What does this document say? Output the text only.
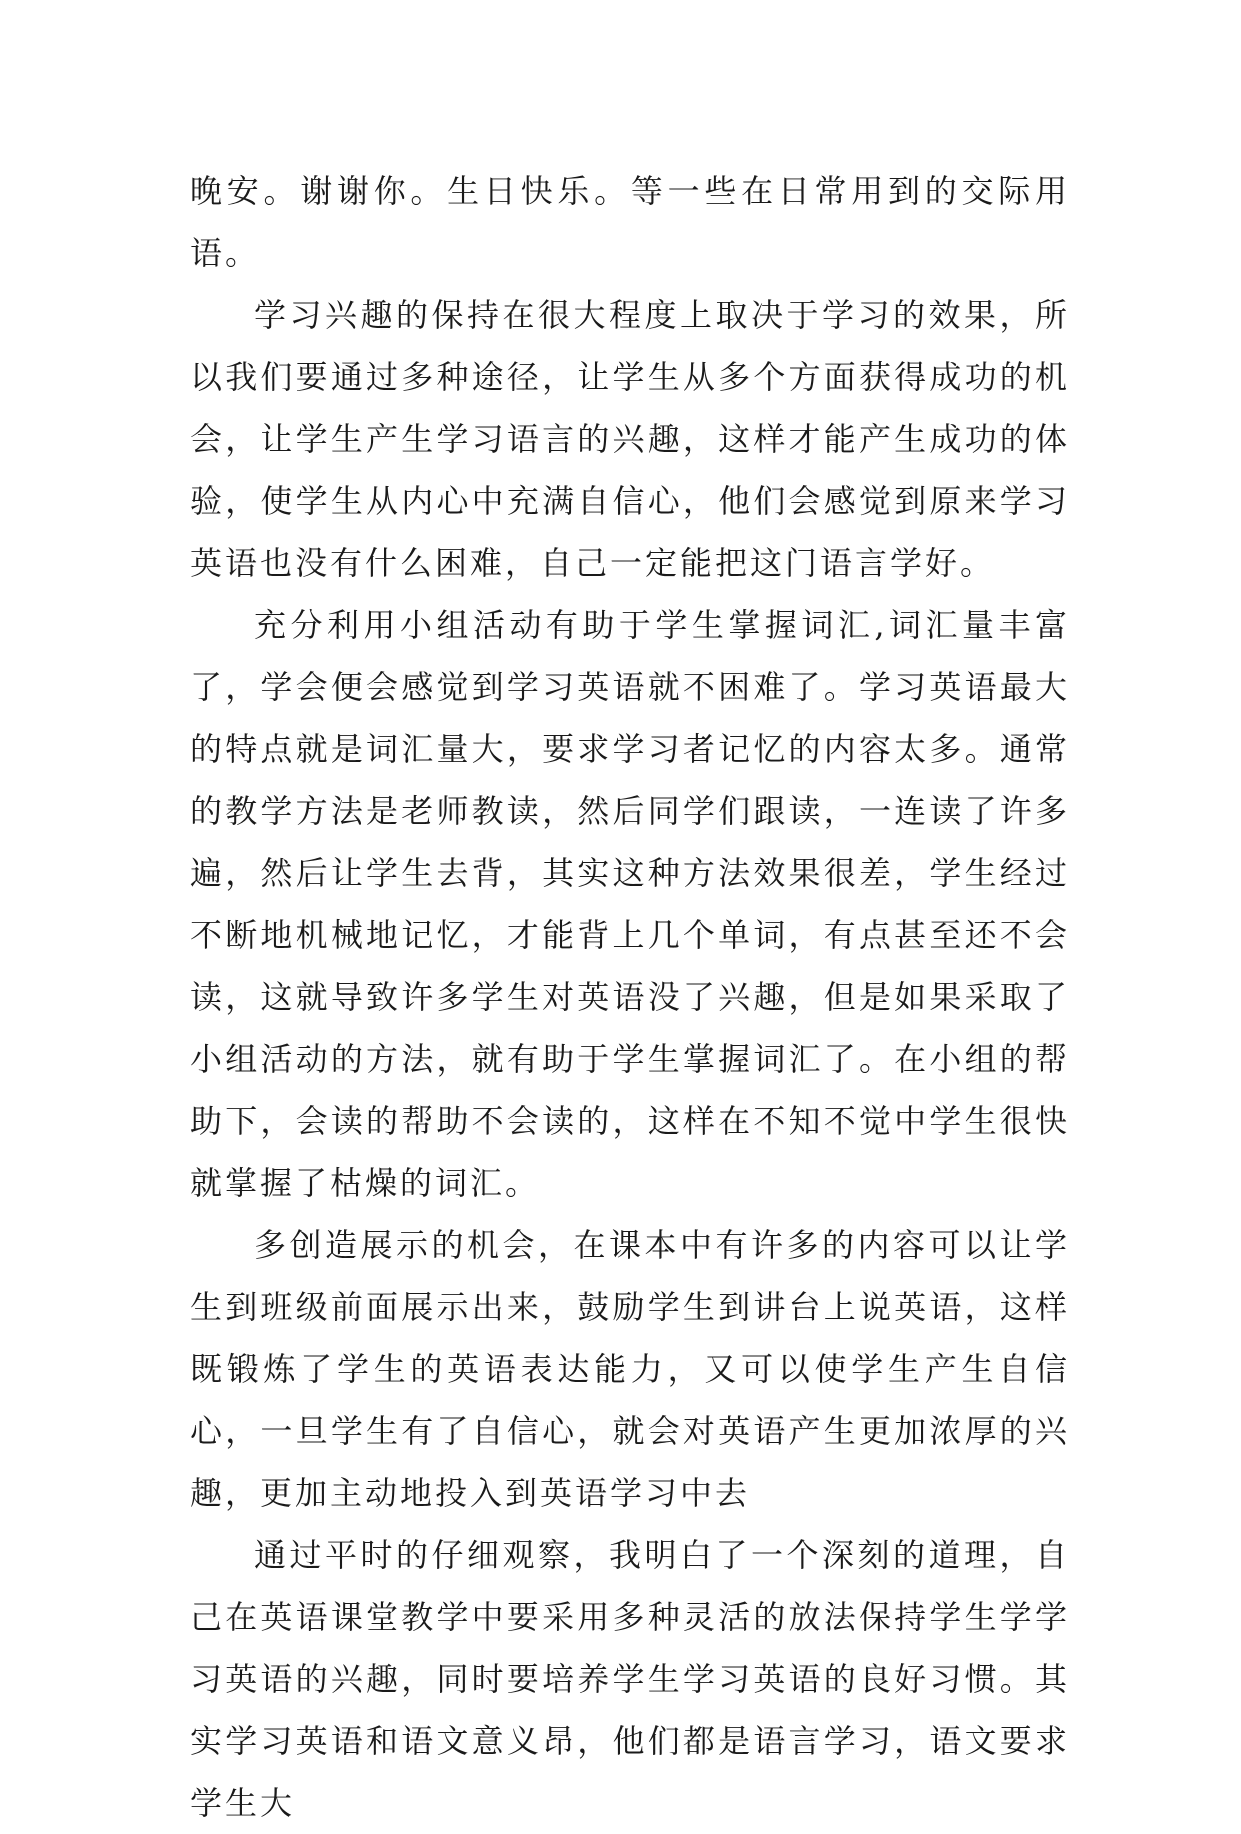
晚安。谢谢你。生日快乐。等一些在日常用到的交际用语。

学习兴趣的保持在很大程度上取决于学习的效果，所以我们要通过多种途径，让学生从多个方面获得成功的机会，让学生产生学习语言的兴趣，这样才能产生成功的体验，使学生从内心中充满自信心，他们会感觉到原来学习英语也没有什么困难，自己一定能把这门语言学好。

充分利用小组活动有助于学生掌握词汇,词汇量丰富了，学会便会感觉到学习英语就不困难了。学习英语最大的特点就是词汇量大，要求学习者记忆的内容太多。通常的教学方法是老师教读，然后同学们跟读，一连读了许多遍，然后让学生去背，其实这种方法效果很差，学生经过不断地机械地记忆，才能背上几个单词，有点甚至还不会读，这就导致许多学生对英语没了兴趣，但是如果采取了小组活动的方法，就有助于学生掌握词汇了。在小组的帮助下，会读的帮助不会读的，这样在不知不觉中学生很快就掌握了枯燥的词汇。

多创造展示的机会，在课本中有许多的内容可以让学生到班级前面展示出来，鼓励学生到讲台上说英语，这样既锻炼了学生的英语表达能力，又可以使学生产生自信心，一旦学生有了自信心，就会对英语产生更加浓厚的兴趣，更加主动地投入到英语学习中去

通过平时的仔细观察，我明白了一个深刻的道理，自己在英语课堂教学中要采用多种灵活的放法保持学生学学习英语的兴趣，同时要培养学生学习英语的良好习惯。其实学习英语和语文意义昂，他们都是语言学习，语文要求学生大
